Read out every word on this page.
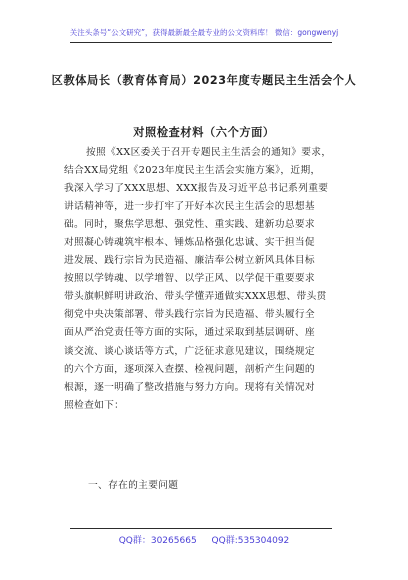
关注头条号“公文研究”，获得最新最全最专业的公文资料库！ 微信：gongwenyj
区教体局长（教育体育局）2023年度专题民主生活会个人
对照检查材料（六个方面）
按照《XX区委关于召开专题民主生活会的通知》要求，
结合XX局党组《2023年度民主生活会实施方案》，近期，
我深入学习了XXX思想、XXX报告及习近平总书记系列重要
讲话精神等，进一步打牢了开好本次民主生活会的思想基
础。同时，聚焦学思想、强党性、重实践、建新功总要求
对照凝心铸魂筑牢根本、锤炼品格强化忠诚、实干担当促
进发展、践行宗旨为民造福、廉洁奉公树立新风具体目标
按照以学铸魂、以学增智、以学正风、以学促干重要要求
带头旗帜鲜明讲政治、带头学懂弄通做实XXX思想、带头贯
彻党中央决策部署、带头践行宗旨为民造福、带头履行全
面从严治党责任等方面的实际，通过采取到基层调研、座
谈交流、谈心谈话等方式，广泛征求意见建议，围绕规定
的六个方面，逐项深入查摆、检视问题，剖析产生问题的
根源，逐一明确了整改措施与努力方向。现将有关情况对
照检查如下：
一、存在的主要问题
QQ群：30265665 QQ群:535304092
